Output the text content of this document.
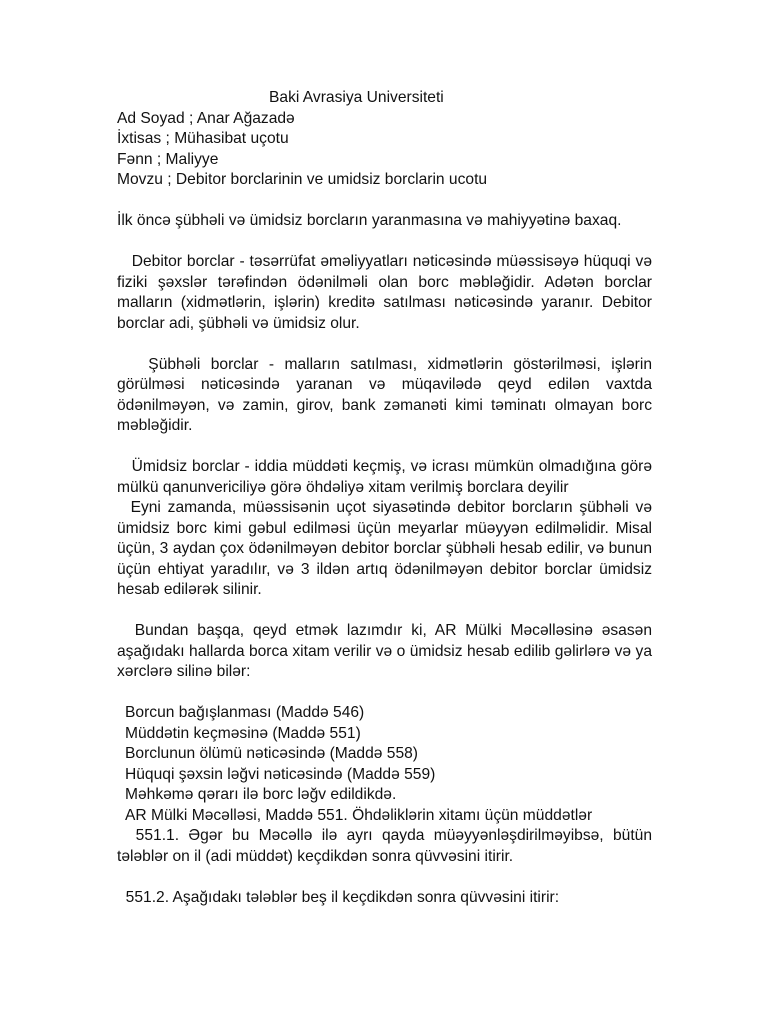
Baki Avrasiya Universiteti
Ad Soyad ; Anar Ağazadə
İxtisas ; Mühasibat uçotu
Fənn ; Maliyye
Movzu ; Debitor borclarinin ve umidsiz borclarin ucotu
İlk öncə şübhəli və ümidsiz borcların yaranmasına və mahiyyətinə baxaq.
Debitor borclar - təsərrüfat əməliyyatları nəticəsində müəssisəyə hüquqi və fiziki şəxslər tərəfindən ödənilməli olan borc məbləğidir. Adətən borclar malların (xidmətlərin, işlərin) kreditə satılması nəticəsində yaranır. Debitor borclar adi, şübhəli və ümidsiz olur.
Şübhəli borclar - malların satılması, xidmətlərin göstərilməsi, işlərin görülməsi nəticəsində yaranan və müqavilədə qeyd edilən vaxtda ödənilməyən, və zamin, girov, bank zəmanəti kimi təminatı olmayan borc məbləğidir.
Ümidsiz borclar - iddia müddəti keçmiş, və icrası mümkün olmadığına görə mülkü qanunvericiliyə görə öhdəliyə xitam verilmiş borclara deyilir
Eyni zamanda, müəssisənin uçot siyasətində debitor borcların şübhəli və ümidsiz borc kimi gəbul edilməsi üçün meyarlar müəyyən edilməlidir. Misal üçün, 3 aydan çox ödənilməyən debitor borclar şübhəli hesab edilir, və bunun üçün ehtiyat yaradılır, və 3 ildən artıq ödənilməyən debitor borclar ümidsiz hesab edilərək silinir.
Bundan başqa, qeyd etmək lazımdır ki, AR Mülki Məcəlləsinə əsasən aşağıdakı hallarda borca xitam verilir və o ümidsiz hesab edilib gəlirlərə və ya xərclərə silinə bilər:
Borcun bağışlanması (Maddə 546)
Müddətin keçməsinə (Maddə 551)
Borclunun ölümü nəticəsində (Maddə 558)
Hüquqi şəxsin ləğvi nəticəsində (Maddə 559)
Məhkəmə qərarı ilə borc ləğv edildikdə.
AR Mülki Məcəlləsi, Maddə 551. Öhdəliklərin xitamı üçün müddətlər
551.1. Əgər bu Məcəllə ilə ayrı qayda müəyyənləşdirilməyibsə, bütün tələblər on il (adi müddət) keçdikdən sonra qüvvəsini itirir.
551.2. Aşağıdakı tələblər beş il keçdikdən sonra qüvvəsini itirir:
